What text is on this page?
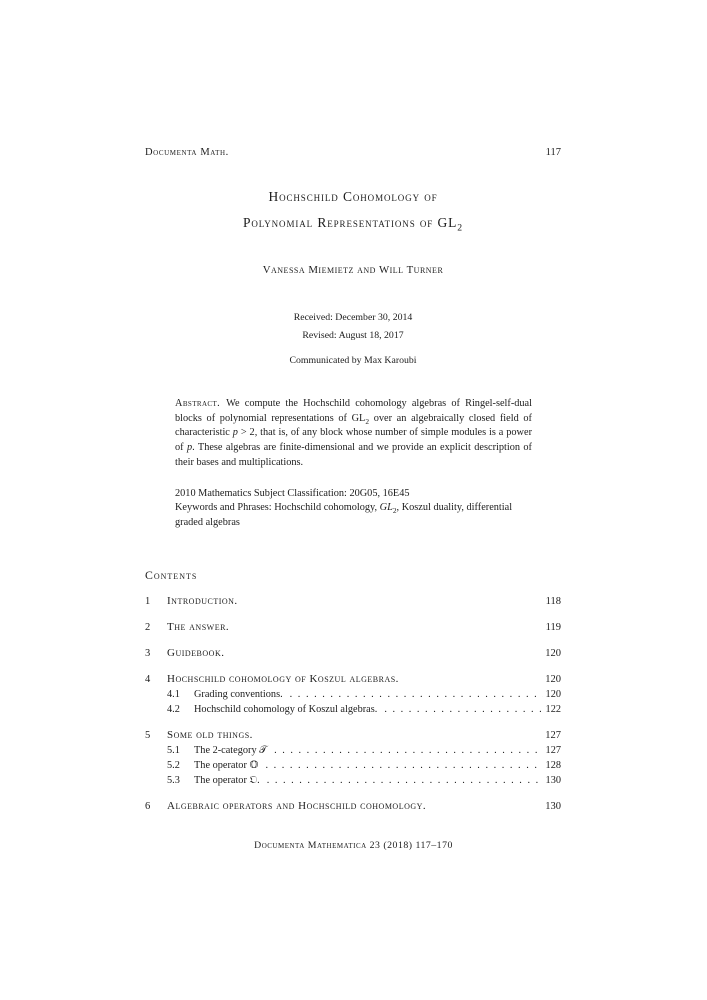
Documenta Math.	117
Hochschild Cohomology of
Polynomial Representations of $GL_2$
Vanessa Miemietz and Will Turner
Received: December 30, 2014
Revised: August 18, 2017
Communicated by Max Karoubi

Abstract. We compute the Hochschild cohomology algebras of Ringel-self-dual blocks of polynomial representations of $GL_2$ over an algebraically closed field of characteristic p > 2, that is, of any block whose number of simple modules is a power of p. These algebras are finite-dimensional and we provide an explicit description of their bases and multiplications.

2010 Mathematics Subject Classification: 20G05, 16E45
Keywords and Phrases: Hochschild cohomology, $GL_2$, Koszul duality, differential graded algebras
Contents
1	Introduction.	118
2	The answer.	119
3	Guidebook.	120
4	Hochschild cohomology of Koszul algebras.	120
4.1	Grading conventions. . . .	120
4.2	Hochschild cohomology of Koszul algebras. . . .	122
5	Some old things.	127
5.1	The 2-category 𝒯 . . .	127
5.2	The operator 𝕆 . . .	128
5.3	The operator 𝔒. . . .	130
6	Algebraic operators and Hochschild cohomology.	130
Documenta Mathematica 23 (2018) 117–170
